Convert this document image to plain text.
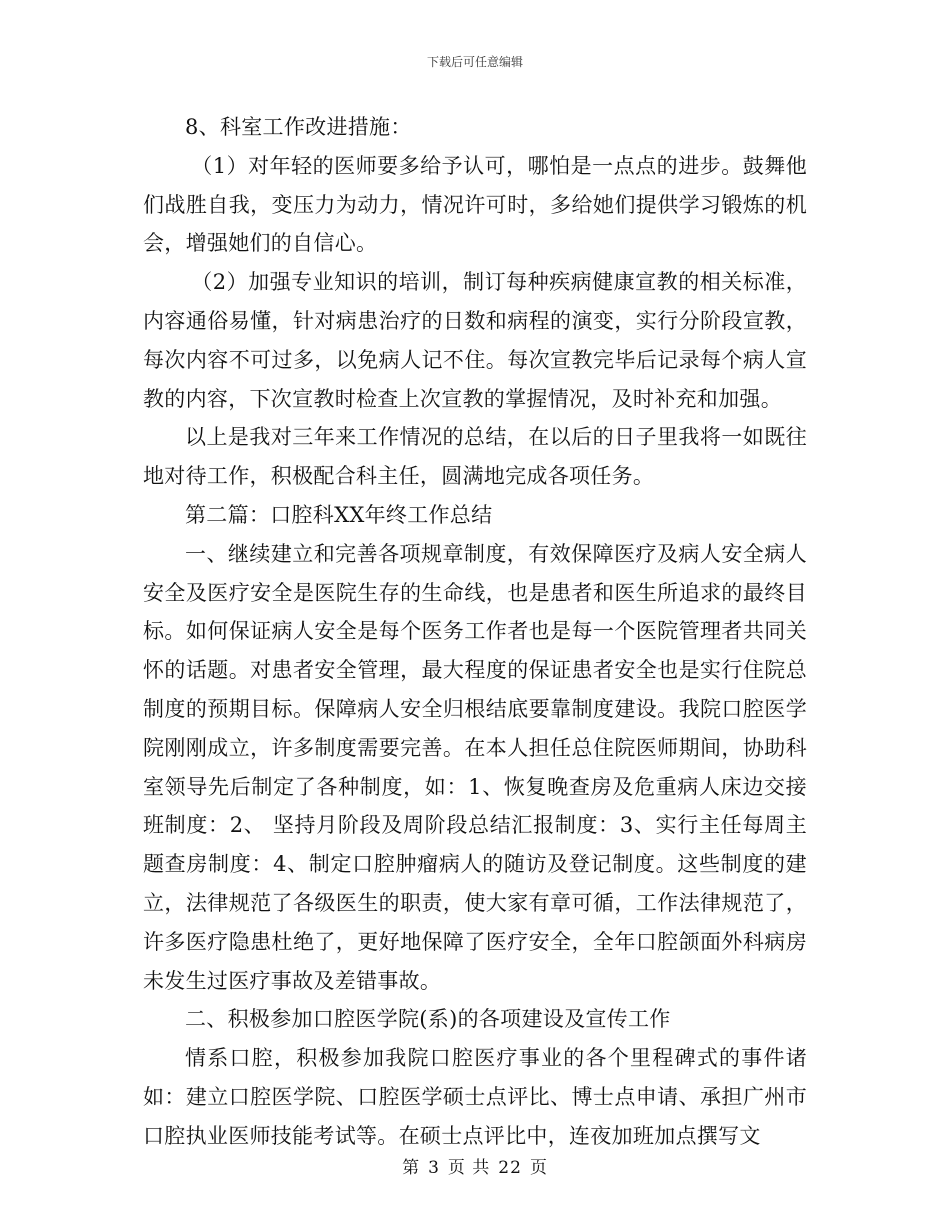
下载后可任意编辑

8、科室工作改进措施：

（1）对年轻的医师要多给予认可，哪怕是一点点的进步。鼓舞他们战胜自我，变压力为动力，情况许可时，多给她们提供学习锻炼的机会，增强她们的自信心。

（2）加强专业知识的培训，制订每种疾病健康宣教的相关标准，内容通俗易懂，针对病患治疗的日数和病程的演变，实行分阶段宣教，每次内容不可过多，以免病人记不住。每次宣教完毕后记录每个病人宣教的内容，下次宣教时检查上次宣教的掌握情况，及时补充和加强。

以上是我对三年来工作情况的总结，在以后的日子里我将一如既往地对待工作，积极配合科主任，圆满地完成各项任务。

第二篇：口腔科XX年终工作总结

一、继续建立和完善各项规章制度，有效保障医疗及病人安全病人安全及医疗安全是医院生存的生命线，也是患者和医生所追求的最终目标。如何保证病人安全是每个医务工作者也是每一个医院管理者共同关怀的话题。对患者安全管理，最大程度的保证患者安全也是实行住院总制度的预期目标。保障病人安全归根结底要靠制度建设。我院口腔医学院刚刚成立，许多制度需要完善。在本人担任总住院医师期间，协助科室领导先后制定了各种制度，如：1、恢复晚查房及危重病人床边交接班制度：2、 坚持月阶段及周阶段总结汇报制度：3、实行主任每周主题查房制度：4、制定口腔肿瘤病人的随访及登记制度。这些制度的建立，法律规范了各级医生的职责，使大家有章可循，工作法律规范了，许多医疗隐患杜绝了，更好地保障了医疗安全，全年口腔颌面外科病房未发生过医疗事故及差错事故。

二、积极参加口腔医学院(系)的各项建设及宣传工作

情系口腔，积极参加我院口腔医疗事业的各个里程碑式的事件诸如：建立口腔医学院、口腔医学硕士点评比、博士点申请、承担广州市口腔执业医师技能考试等。在硕士点评比中，连夜加班加点撰写文

第 3 页 共 22 页
